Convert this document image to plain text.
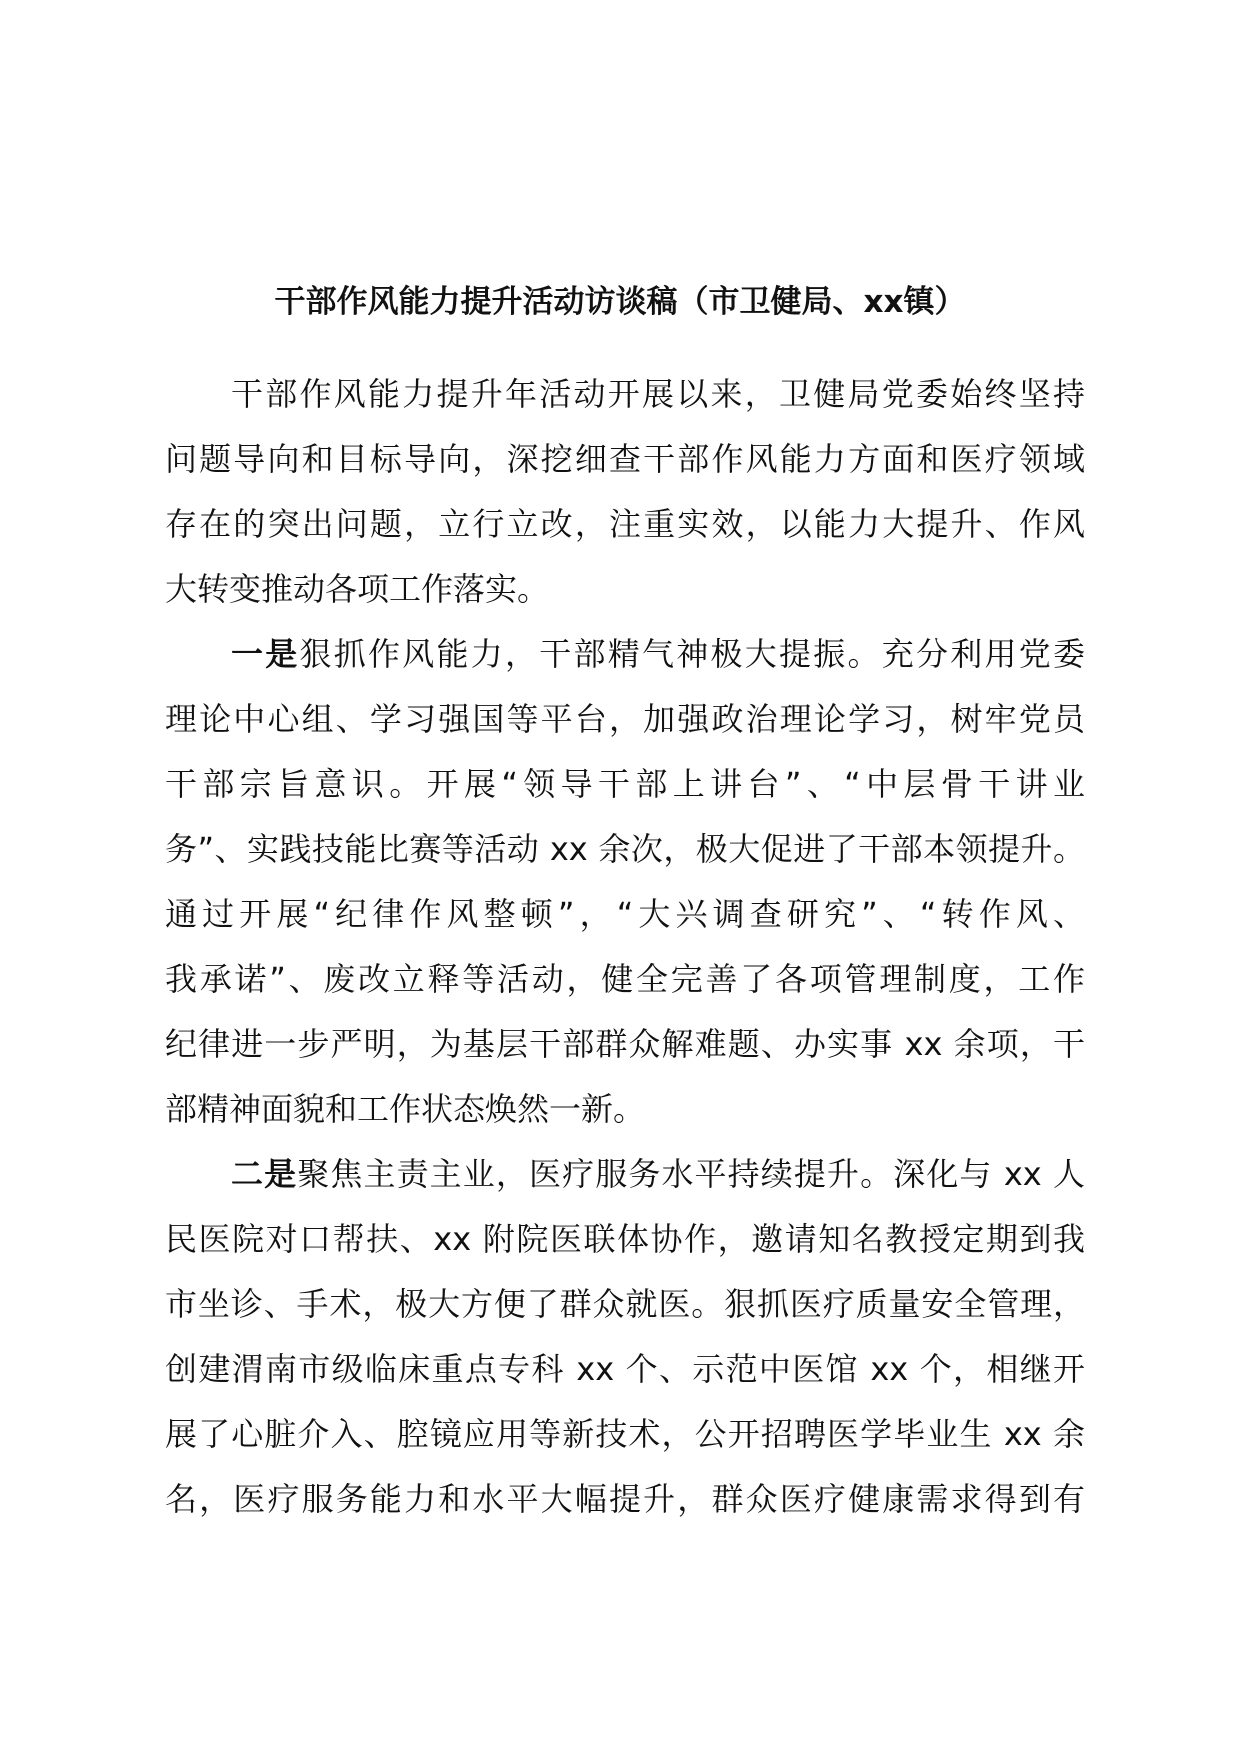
干部作风能力提升活动访谈稿（市卫健局、xx镇）
干部作风能力提升年活动开展以来，卫健局党委始终坚持
问题导向和目标导向，深挖细查干部作风能力方面和医疗领域
存在的突出问题，立行立改，注重实效，以能力大提升、作风
大转变推动各项工作落实。
一是狠抓作风能力，干部精气神极大提振。充分利用党委
理论中心组、学习强国等平台，加强政治理论学习，树牢党员
干部宗旨意识。开展“领导干部上讲台”、“中层骨干讲业
务”、实践技能比赛等活动 xx 余次，极大促进了干部本领提升。
通过开展“纪律作风整顿”，“大兴调查研究”、“转作风、
我承诺”、废改立释等活动，健全完善了各项管理制度，工作
纪律进一步严明，为基层干部群众解难题、办实事 xx 余项，干
部精神面貌和工作状态焕然一新。
二是聚焦主责主业，医疗服务水平持续提升。深化与 xx 人
民医院对口帮扶、xx 附院医联体协作，邀请知名教授定期到我
市坐诊、手术，极大方便了群众就医。狠抓医疗质量安全管理，
创建渭南市级临床重点专科 xx 个、示范中医馆 xx 个，相继开
展了心脏介入、腔镜应用等新技术，公开招聘医学毕业生 xx 余
名，医疗服务能力和水平大幅提升，群众医疗健康需求得到有
